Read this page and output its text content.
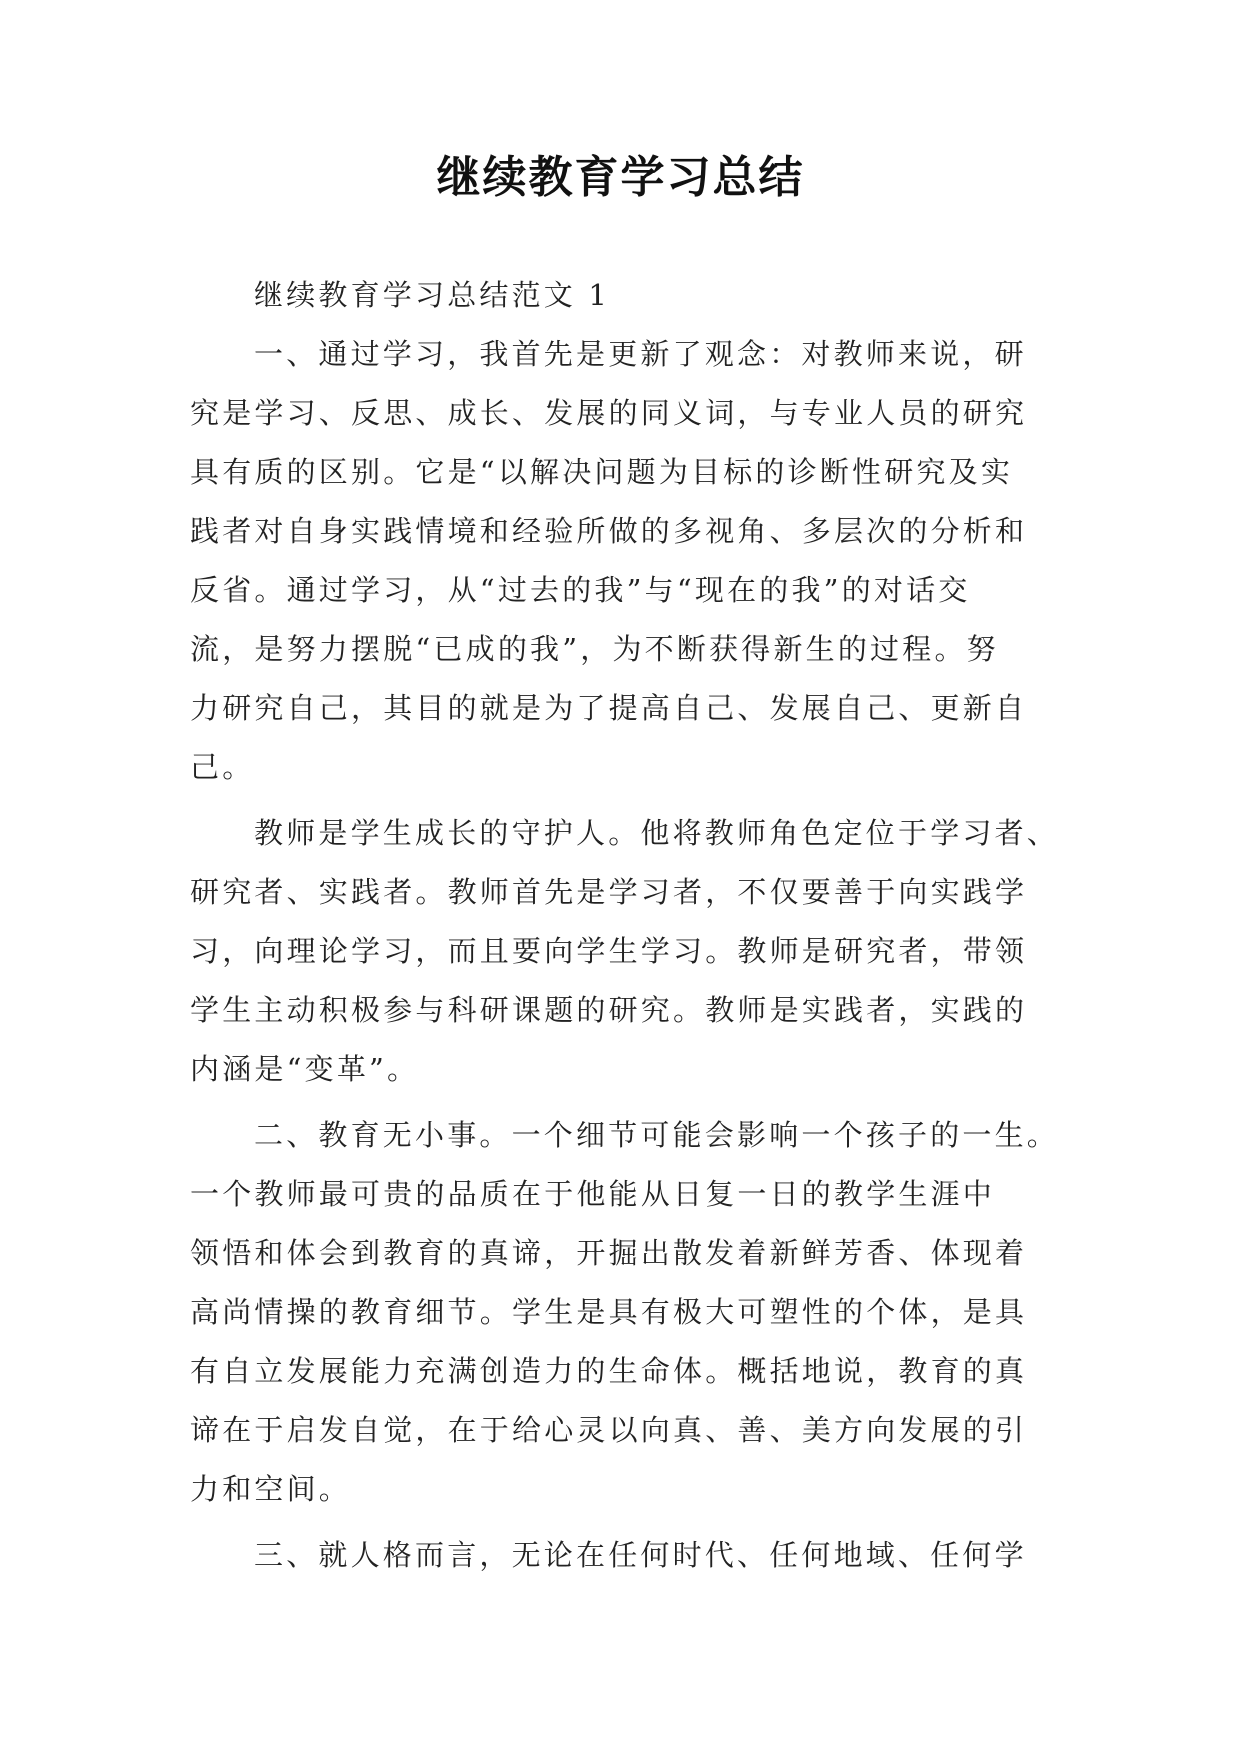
继续教育学习总结
继续教育学习总结范文 1
一、通过学习，我首先是更新了观念：对教师来说，研
究是学习、反思、成长、发展的同义词，与专业人员的研究
具有质的区别。它是“以解决问题为目标的诊断性研究及实
践者对自身实践情境和经验所做的多视角、多层次的分析和
反省。通过学习，从“过去的我”与“现在的我”的对话交
流，是努力摆脱“已成的我”，为不断获得新生的过程。努
力研究自己，其目的就是为了提高自己、发展自己、更新自
己。
教师是学生成长的守护人。他将教师角色定位于学习者、
研究者、实践者。教师首先是学习者，不仅要善于向实践学
习，向理论学习，而且要向学生学习。教师是研究者，带领
学生主动积极参与科研课题的研究。教师是实践者，实践的
内涵是“变革”。
二、教育无小事。一个细节可能会影响一个孩子的一生。
一个教师最可贵的品质在于他能从日复一日的教学生涯中
领悟和体会到教育的真谛，开掘出散发着新鲜芳香、体现着
高尚情操的教育细节。学生是具有极大可塑性的个体，是具
有自立发展能力充满创造力的生命体。概括地说，教育的真
谛在于启发自觉，在于给心灵以向真、善、美方向发展的引
力和空间。
三、就人格而言，无论在任何时代、任何地域、任何学
